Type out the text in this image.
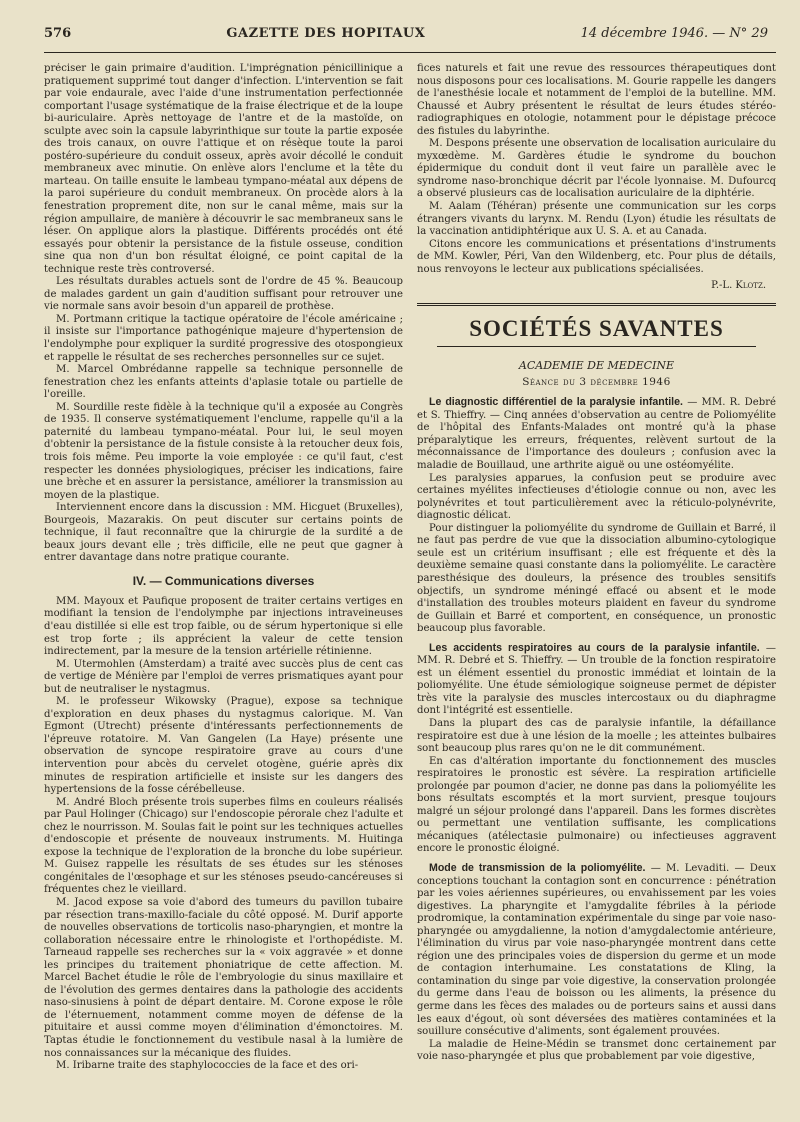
576	GAZETTE DES HOPITAUX	14 décembre 1946. — N° 29

préciser le gain primaire d'audition. L'imprégnation pénicillinique a pratiquement supprimé tout danger d'infection. L'intervention se fait par voie endaurale, avec l'aide d'une instrumentation perfectionnée comportant l'usage systématique de la fraise électrique et de la loupe bi-auriculaire. Après nettoyage de l'antre et de la mastoïde, on sculpte avec soin la capsule labyrinthique sur toute la partie exposée des trois canaux, on ouvre l'attique et on résèque toute la paroi postéro-supérieure du conduit osseux, après avoir décollé le conduit membraneux avec minutie. On enlève alors l'enclume et la tête du marteau. On taille ensuite le lambeau tympano-méatal aux dépens de la paroi supérieure du conduit membraneux. On procède alors à la fenestration proprement dite, non sur le canal même, mais sur la région ampullaire, de manière à découvrir le sac membraneux sans le léser. On applique alors la plastique. Différents procédés ont été essayés pour obtenir la persistance de la fistule osseuse, condition sine qua non d'un bon résultat éloigné, ce point capital de la technique reste très controversé.

Les résultats durables actuels sont de l'ordre de 45 %. Beaucoup de malades gardent un gain d'audition suffisant pour retrouver une vie normale sans avoir besoin d'un appareil de prothèse.

M. Portmann critique la tactique opératoire de l'école américaine ; il insiste sur l'importance pathogénique majeure d'hypertension de l'endolymphe pour expliquer la surdité progressive des otospongieux et rappelle le résultat de ses recherches personnelles sur ce sujet.

M. Marcel Ombrédanne rappelle sa technique personnelle de fenestration chez les enfants atteints d'aplasie totale ou partielle de l'oreille.

M. Sourdille reste fidèle à la technique qu'il a exposée au Congrès de 1935. Il conserve systématiquement l'enclume, rappelle qu'il a la paternité du lambeau tympano-méatal. Pour lui, le seul moyen d'obtenir la persistance de la fistule consiste à la retoucher deux fois, trois fois même. Peu importe la voie employée : ce qu'il faut, c'est respecter les données physiologiques, préciser les indications, faire une brèche et en assurer la persistance, améliorer la transmission au moyen de la plastique.

Interviennent encore dans la discussion : MM. Hicguet (Bruxelles), Bourgeois, Mazarakis. On peut discuter sur certains points de technique, il faut reconnaître que la chirurgie de la surdité a de beaux jours devant elle ; très difficile, elle ne peut que gagner à entrer davantage dans notre pratique courante.

IV. — Communications diverses

MM. Mayoux et Paufique proposent de traiter certains vertiges en modifiant la tension de l'endolymphe par injections intraveineuses d'eau distillée si elle est trop faible, ou de sérum hypertonique si elle est trop forte ; ils apprécient la valeur de cette tension indirectement, par la mesure de la tension artérielle rétinienne.

M. Utermohlen (Amsterdam) a traité avec succès plus de cent cas de vertige de Ménière par l'emploi de verres prismatiques ayant pour but de neutraliser le nystagmus.

M. le professeur Wikowsky (Prague), expose sa technique d'exploration en deux phases du nystagmus calorique. M. Van Egmont (Utrecht) présente d'intéressants perfectionnements de l'épreuve rotatoire. M. Van Gangelen (La Haye) présente une observation de syncope respiratoire grave au cours d'une intervention pour abcès du cervelet otogène, guérie après dix minutes de respiration artificielle et insiste sur les dangers des hypertensions de la fosse cérébelleuse.

M. André Bloch présente trois superbes films en couleurs réalisés par Paul Holinger (Chicago) sur l'endoscopie pérorale chez l'adulte et chez le nourrisson. M. Soulas fait le point sur les techniques actuelles d'endoscopie et présente de nouveaux instruments. M. Huitinga expose la technique de l'exploration de la bronche du lobe supérieur. M. Guisez rappelle les résultats de ses études sur les sténoses congénitales de l'œsophage et sur les sténoses pseudo-cancéreuses si fréquentes chez le vieillard.

M. Jacod expose sa voie d'abord des tumeurs du pavillon tubaire par résection trans-maxillo-faciale du côté opposé. M. Durif apporte de nouvelles observations de torticolis naso-pharyngien, et montre la collaboration nécessaire entre le rhinologiste et l'orthopédiste. M. Tarneaud rappelle ses recherches sur la « voix aggravée » et donne les principes du traitement phoniatrique de cette affection. M. Marcel Bachet étudie le rôle de l'embryologie du sinus maxillaire et de l'évolution des germes dentaires dans la pathologie des accidents naso-sinusiens à point de départ dentaire. M. Corone expose le rôle de l'éternuement, notamment comme moyen de défense de la pituitaire et aussi comme moyen d'élimination d'émonctoires. M. Taptas étudie le fonctionnement du vestibule nasal à la lumière de nos connaissances sur la mécanique des fluides.

M. Iribarne traite des staphylococcies de la face et des ori-

fices naturels et fait une revue des ressources thérapeutiques dont nous disposons pour ces localisations. M. Gourie rappelle les dangers de l'anesthésie locale et notamment de l'emploi de la butelline. MM. Chaussé et Aubry présentent le résultat de leurs études stéréo-radiographiques en otologie, notamment pour le dépistage précoce des fistules du labyrinthe.

M. Despons présente une observation de localisation auriculaire du myxœdème. M. Gardères étudie le syndrome du bouchon épidermique du conduit dont il veut faire un parallèle avec le syndrome naso-bronchique décrit par l'école lyonnaise. M. Dufourcq a observé plusieurs cas de localisation auriculaire de la diphtérie.

M. Aalam (Téhéran) présente une communication sur les corps étrangers vivants du larynx. M. Rendu (Lyon) étudie les résultats de la vaccination antidiphtérique aux U. S. A. et au Canada.

Citons encore les communications et présentations d'instruments de MM. Kowler, Péri, Van den Wildenberg, etc. Pour plus de détails, nous renvoyons le lecteur aux publications spécialisées.

P.-L. Klotz.
SOCIÉTÉS SAVANTES
ACADEMIE DE MEDECINE
Séance du 3 décembre 1946

Le diagnostic différentiel de la paralysie infantile. — MM. R. Debré et S. Thieffry. — Cinq années d'observation au centre de Poliomyélite de l'hôpital des Enfants-Malades ont montré qu'à la phase préparalytique les erreurs, fréquentes, relèvent surtout de la méconnaissance de l'importance des douleurs ; confusion avec la maladie de Bouillaud, une arthrite aiguë ou une ostéomyélite.

Les paralysies apparues, la confusion peut se produire avec certaines myélites infectieuses d'étiologie connue ou non, avec les polynévrites et tout particulièrement avec la réticulo-polynévrite, diagnostic délicat.

Pour distinguer la poliomyélite du syndrome de Guillain et Barré, il ne faut pas perdre de vue que la dissociation albumino-cytologique seule est un critérium insuffisant ; elle est fréquente et dès la deuxième semaine quasi constante dans la poliomyélite. Le caractère paresthésique des douleurs, la présence des troubles sensitifs objectifs, un syndrome méningé effacé ou absent et le mode d'installation des troubles moteurs plaident en faveur du syndrome de Guillain et Barré et comportent, en conséquence, un pronostic beaucoup plus favorable.

Les accidents respiratoires au cours de la paralysie infantile. — MM. R. Debré et S. Thieffry. — Un trouble de la fonction respiratoire est un élément essentiel du pronostic immédiat et lointain de la poliomyélite. Une étude sémiologique soigneuse permet de dépister très vite la paralysie des muscles intercostaux ou du diaphragme dont l'intégrité est essentielle.

Dans la plupart des cas de paralysie infantile, la défaillance respiratoire est due à une lésion de la moelle ; les atteintes bulbaires sont beaucoup plus rares qu'on ne le dit communément.

En cas d'altération importante du fonctionnement des muscles respiratoires le pronostic est sévère. La respiration artificielle prolongée par poumon d'acier, ne donne pas dans la poliomyélite les bons résultats escomptés et la mort survient, presque toujours malgré un séjour prolongé dans l'appareil. Dans les formes discrètes ou permettant une ventilation suffisante, les complications mécaniques (atélectasie pulmonaire) ou infectieuses aggravent encore le pronostic éloigné.

Mode de transmission de la poliomyélite. — M. Levaditi. — Deux conceptions touchant la contagion sont en concurrence : pénétration par les voies aériennes supérieures, ou envahissement par les voies digestives. La pharyngite et l'amygdalite fébriles à la période prodromique, la contamination expérimentale du singe par voie naso-pharyngée ou amygdalienne, la notion d'amygdalectomie antérieure, l'élimination du virus par voie naso-pharyngée montrent dans cette région une des principales voies de dispersion du germe et un mode de contagion interhumaine. Les constatations de Kling, la contamination du singe par voie digestive, la conservation prolongée du germe dans l'eau de boisson ou les aliments, la présence du germe dans les fèces des malades ou de porteurs sains et aussi dans les eaux d'égout, où sont déversées des matières contaminées et la souillure consécutive d'aliments, sont également prouvées.

La maladie de Heine-Médin se transmet donc certainement par voie naso-pharyngée et plus que probablement par voie digestive,
